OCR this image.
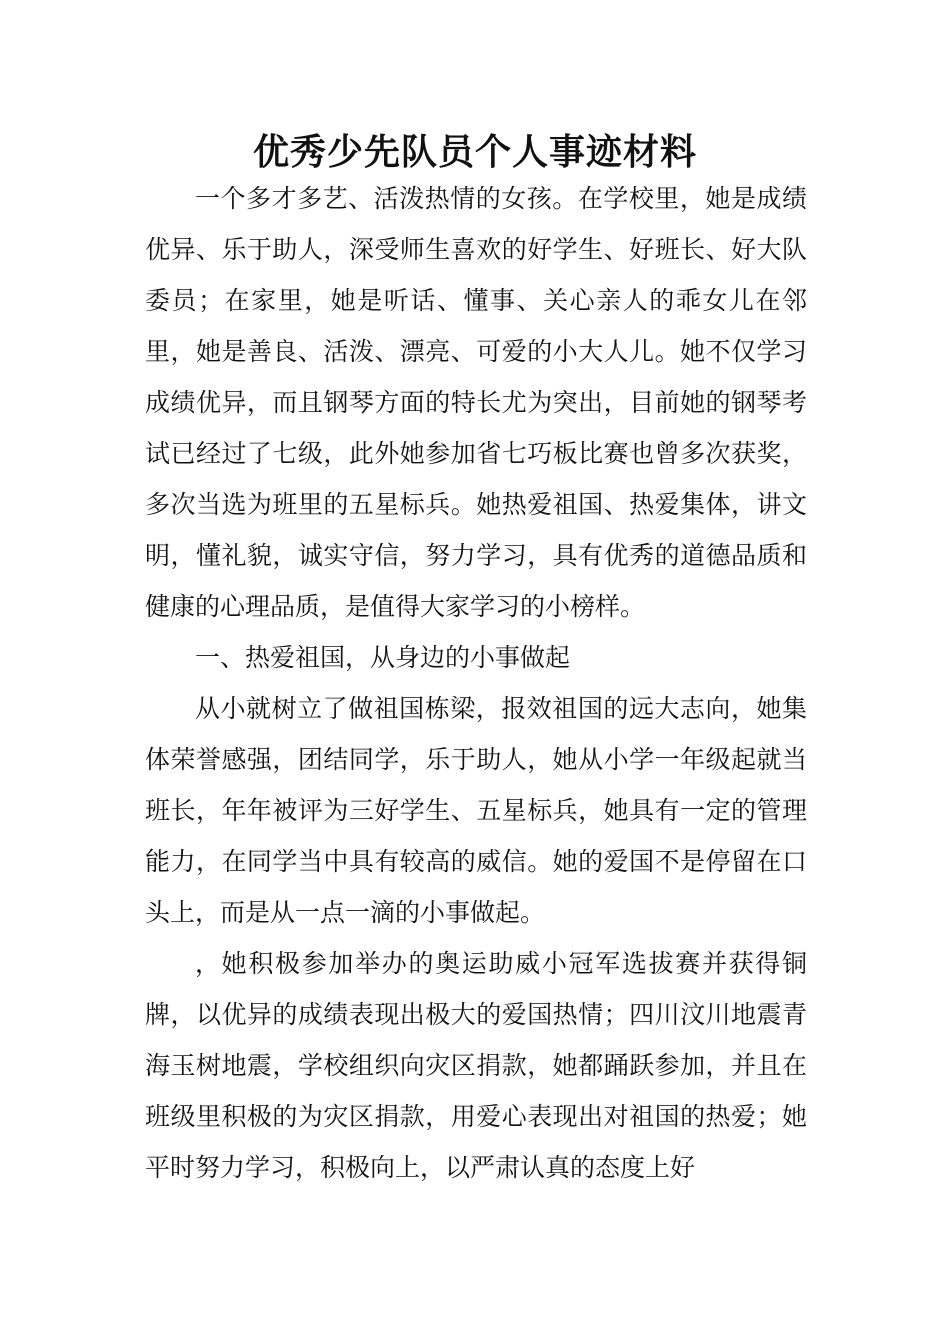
优秀少先队员个人事迹材料

一个多才多艺、活泼热情的女孩。在学校里，她是成绩优异、乐于助人，深受师生喜欢的好学生、好班长、好大队委员；在家里，她是听话、懂事、关心亲人的乖女儿在邻里，她是善良、活泼、漂亮、可爱的小大人儿。她不仅学习成绩优异，而且钢琴方面的特长尤为突出，目前她的钢琴考试已经过了七级，此外她参加省七巧板比赛也曾多次获奖，多次当选为班里的五星标兵。她热爱祖国、热爱集体，讲文明，懂礼貌，诚实守信，努力学习，具有优秀的道德品质和健康的心理品质，是值得大家学习的小榜样。

一、热爱祖国，从身边的小事做起

从小就树立了做祖国栋梁，报效祖国的远大志向，她集体荣誉感强，团结同学，乐于助人，她从小学一年级起就当班长，年年被评为三好学生、五星标兵，她具有一定的管理能力，在同学当中具有较高的威信。她的爱国不是停留在口头上，而是从一点一滴的小事做起。

，她积极参加举办的奥运助威小冠军选拔赛并获得铜牌，以优异的成绩表现出极大的爱国热情；四川汶川地震青海玉树地震，学校组织向灾区捐款，她都踊跃参加，并且在班级里积极的为灾区捐款，用爱心表现出对祖国的热爱；她平时努力学习，积极向上，以严肃认真的态度上好
